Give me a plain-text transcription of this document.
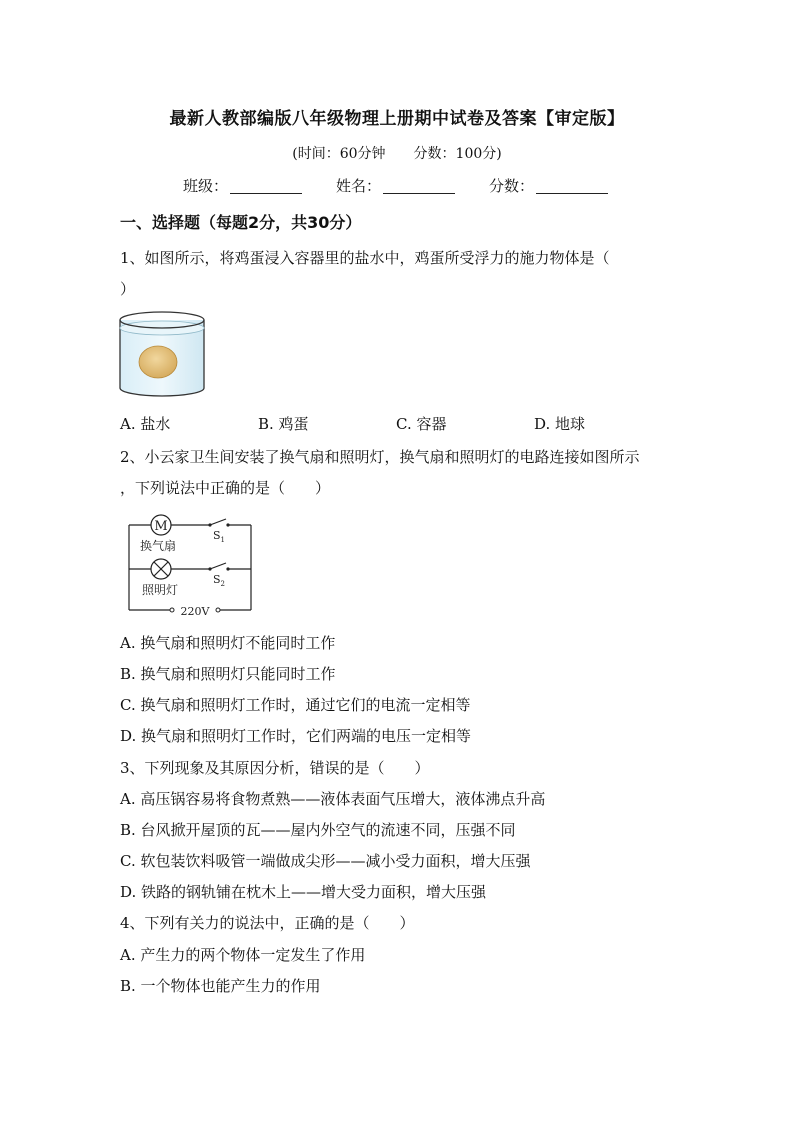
最新人教部编版八年级物理上册期中试卷及答案【审定版】
(时间：60分钟　　分数：100分)
班级：	姓名：	分数：
一、选择题（每题2分，共30分）
1、如图所示，将鸡蛋浸入容器里的盐水中，鸡蛋所受浮力的施力物体是（
）
A. 盐水	B. 鸡蛋	C. 容器	D. 地球
2、小云家卫生间安装了换气扇和照明灯，换气扇和照明灯的电路连接如图所示
，下列说法中正确的是（　　）
M
换气扇
照明灯
$S_1$
$S_2$
220V
A. 换气扇和照明灯不能同时工作
B. 换气扇和照明灯只能同时工作
C. 换气扇和照明灯工作时，通过它们的电流一定相等
D. 换气扇和照明灯工作时，它们两端的电压一定相等
3、下列现象及其原因分析，错误的是（　　）
A. 高压锅容易将食物煮熟——液体表面气压增大，液体沸点升高
B. 台风掀开屋顶的瓦——屋内外空气的流速不同，压强不同
C. 软包装饮料吸管一端做成尖形——减小受力面积，增大压强
D. 铁路的钢轨铺在枕木上——增大受力面积，增大压强
4、下列有关力的说法中，正确的是（　　）
A. 产生力的两个物体一定发生了作用
B. 一个物体也能产生力的作用
